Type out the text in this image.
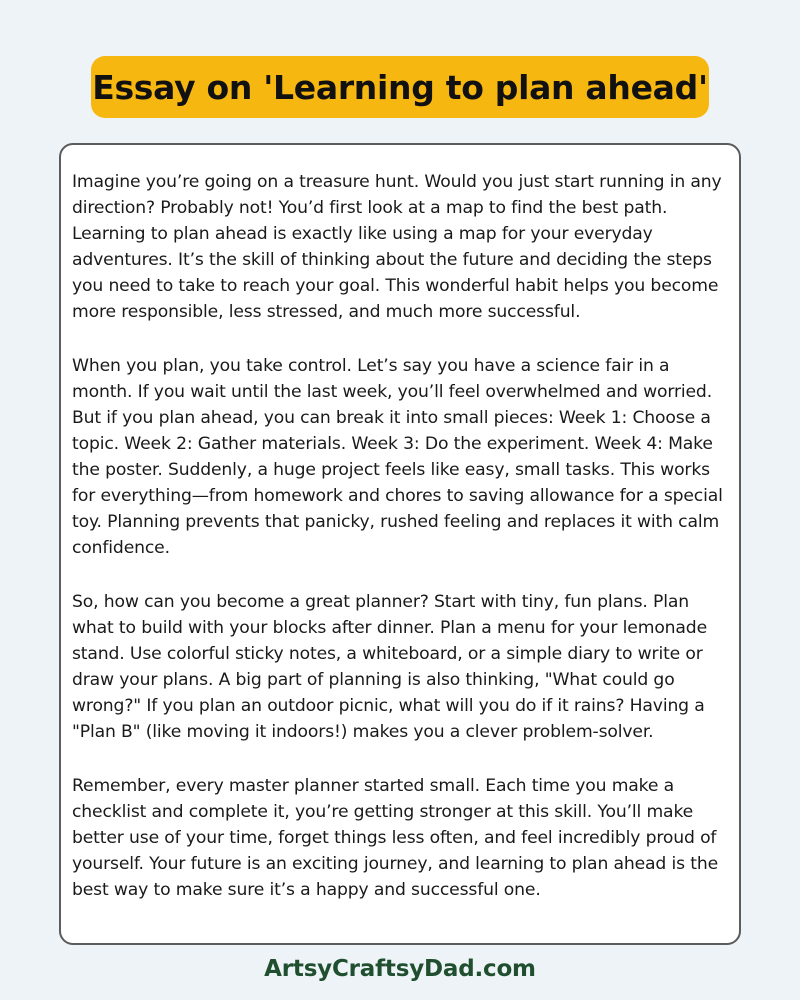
Essay on 'Learning to plan ahead'

Imagine you’re going on a treasure hunt. Would you just start running in any direction? Probably not! You’d first look at a map to find the best path. Learning to plan ahead is exactly like using a map for your everyday adventures. It’s the skill of thinking about the future and deciding the steps you need to take to reach your goal. This wonderful habit helps you become more responsible, less stressed, and much more successful.

When you plan, you take control. Let’s say you have a science fair in a month. If you wait until the last week, you’ll feel overwhelmed and worried. But if you plan ahead, you can break it into small pieces: Week 1: Choose a topic. Week 2: Gather materials. Week 3: Do the experiment. Week 4: Make the poster. Suddenly, a huge project feels like easy, small tasks. This works for everything—from homework and chores to saving allowance for a special toy. Planning prevents that panicky, rushed feeling and replaces it with calm confidence.

So, how can you become a great planner? Start with tiny, fun plans. Plan what to build with your blocks after dinner. Plan a menu for your lemonade stand. Use colorful sticky notes, a whiteboard, or a simple diary to write or draw your plans. A big part of planning is also thinking, "What could go wrong?" If you plan an outdoor picnic, what will you do if it rains? Having a "Plan B" (like moving it indoors!) makes you a clever problem-solver.

Remember, every master planner started small. Each time you make a checklist and complete it, you’re getting stronger at this skill. You’ll make better use of your time, forget things less often, and feel incredibly proud of yourself. Your future is an exciting journey, and learning to plan ahead is the best way to make sure it’s a happy and successful one.

ArtsyCraftsyDad.com
